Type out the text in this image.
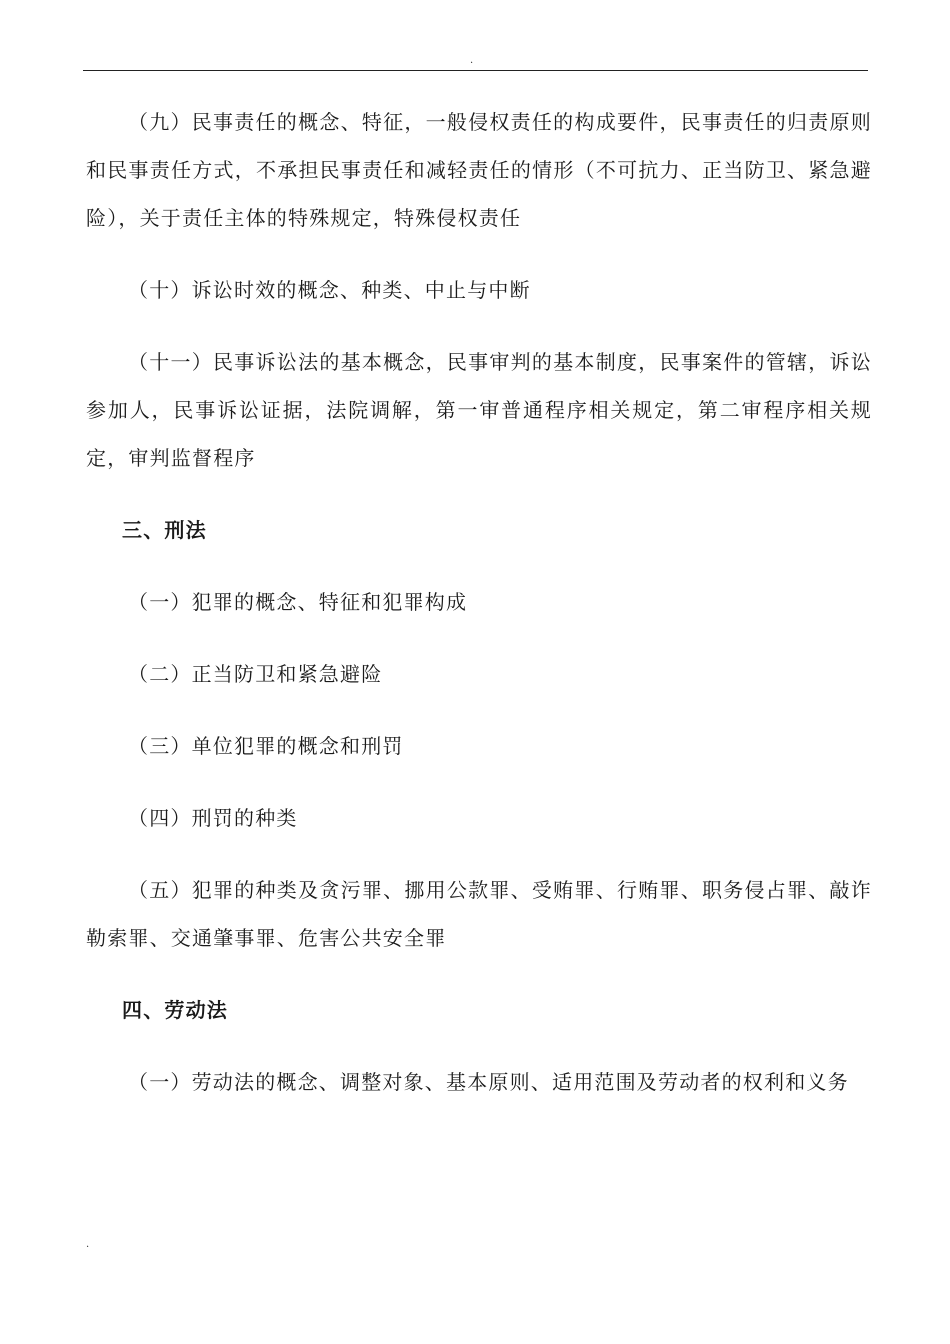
.

（九）民事责任的概念、特征，一般侵权责任的构成要件，民事责任的归责原则和民事责任方式，不承担民事责任和减轻责任的情形（不可抗力、正当防卫、紧急避险），关于责任主体的特殊规定，特殊侵权责任

（十）诉讼时效的概念、种类、中止与中断

（十一）民事诉讼法的基本概念，民事审判的基本制度，民事案件的管辖，诉讼参加人，民事诉讼证据，法院调解，第一审普通程序相关规定，第二审程序相关规定，审判监督程序

三、刑法

（一）犯罪的概念、特征和犯罪构成

（二）正当防卫和紧急避险

（三）单位犯罪的概念和刑罚

（四）刑罚的种类

（五）犯罪的种类及贪污罪、挪用公款罪、受贿罪、行贿罪、职务侵占罪、敲诈勒索罪、交通肇事罪、危害公共安全罪

四、劳动法

（一）劳动法的概念、调整对象、基本原则、适用范围及劳动者的权利和义务

.
